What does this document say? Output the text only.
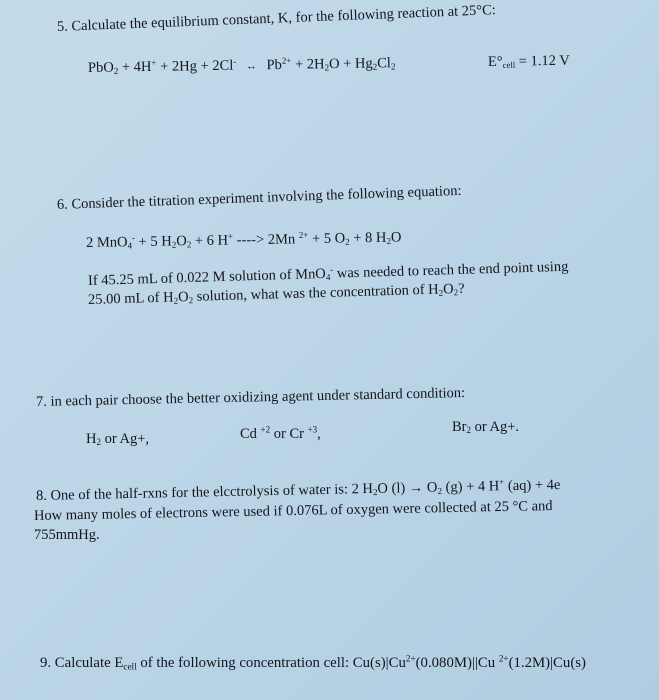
5. Calculate the equilibrium constant, K, for the following reaction at 25°C:
PbO$_2$ + 4H+ + 2Hg + 2Cl- ↔ $Pb^{2+} + 2H_2O + Hg_2Cl_2$	$E^\circ_{cell} = 1.12$ V
6. Consider the titration experiment involving the following equation:
2 MnO$_4$- + 5 $H_2O_2 + 6$ H+ ----> 2Mn $^{2+}$ + 5 $O_2 + 8$ $H_2O$
If 45.25 mL of 0.022 M solution of MnO$_4$- was needed to reach the end point using
25.00 mL of $H_2O_2$ solution, what was the concentration of $H_2O_2$?
7. in each pair choose the better oxidizing agent under standard condition:
$H_2$ or Ag+,	Cd $^{+2}$ or Cr $^{+3}$,	$Br_2$ or Ag+.
8. One of the half-rxns for the elcctrolysis of water is: 2 $H_2O$ $(l) \to O_2$ (g) + 4 H+ (aq) + 4e
How many moles of electrons were used if 0.076L of oxygen were collected at 25 °C and
755mmHg.
9. Calculate $E_{cell}$ of the following concentration cell: $Cu(s)|Cu^{2+}(0.080M)||Cu$ $^{2+}$(1.2M)|Cu(s)
